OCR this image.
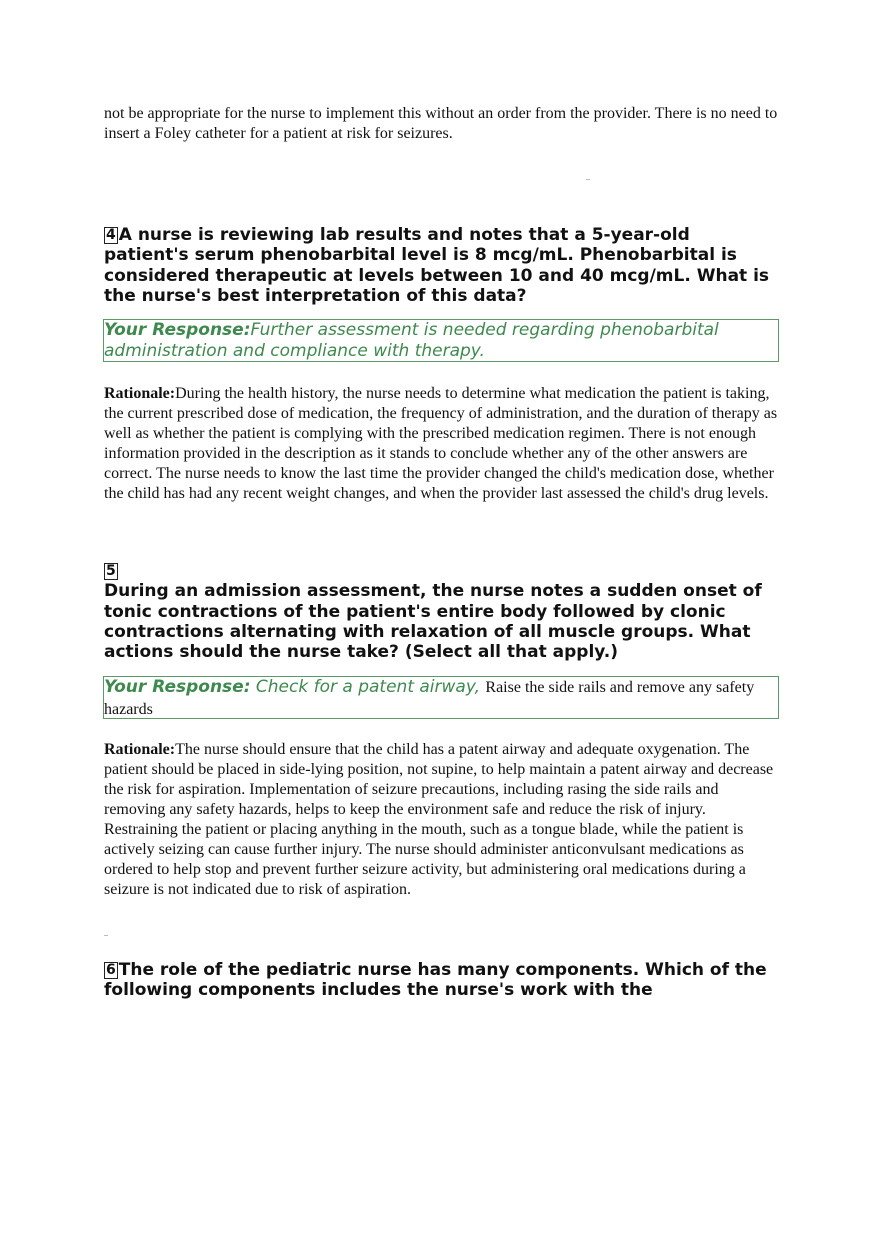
not be appropriate for the nurse to implement this without an order from the provider. There is no need to insert a Foley catheter for a patient at risk for seizures.
4 A nurse is reviewing lab results and notes that a 5-year-old patient's serum phenobarbital level is 8 mcg/mL. Phenobarbital is considered therapeutic at levels between 10 and 40 mcg/mL. What is the nurse's best interpretation of this data?
Your Response:Further assessment is needed regarding phenobarbital administration and compliance with therapy.
Rationale:During the health history, the nurse needs to determine what medication the patient is taking, the current prescribed dose of medication, the frequency of administration, and the duration of therapy as well as whether the patient is complying with the prescribed medication regimen. There is not enough information provided in the description as it stands to conclude whether any of the other answers are correct. The nurse needs to know the last time the provider changed the child's medication dose, whether the child has had any recent weight changes, and when the provider last assessed the child's drug levels.
5
During an admission assessment, the nurse notes a sudden onset of tonic contractions of the patient's entire body followed by clonic contractions alternating with relaxation of all muscle groups. What actions should the nurse take? (Select all that apply.)
Your Response: Check for a patent airway, Raise the side rails and remove any safety hazards
Rationale:The nurse should ensure that the child has a patent airway and adequate oxygenation. The patient should be placed in side-lying position, not supine, to help maintain a patent airway and decrease the risk for aspiration. Implementation of seizure precautions, including rasing the side rails and removing any safety hazards, helps to keep the environment safe and reduce the risk of injury. Restraining the patient or placing anything in the mouth, such as a tongue blade, while the patient is actively seizing can cause further injury. The nurse should administer anticonvulsant medications as ordered to help stop and prevent further seizure activity, but administering oral medications during a seizure is not indicated due to risk of aspiration.
6 The role of the pediatric nurse has many components. Which of the following components includes the nurse's work with the
